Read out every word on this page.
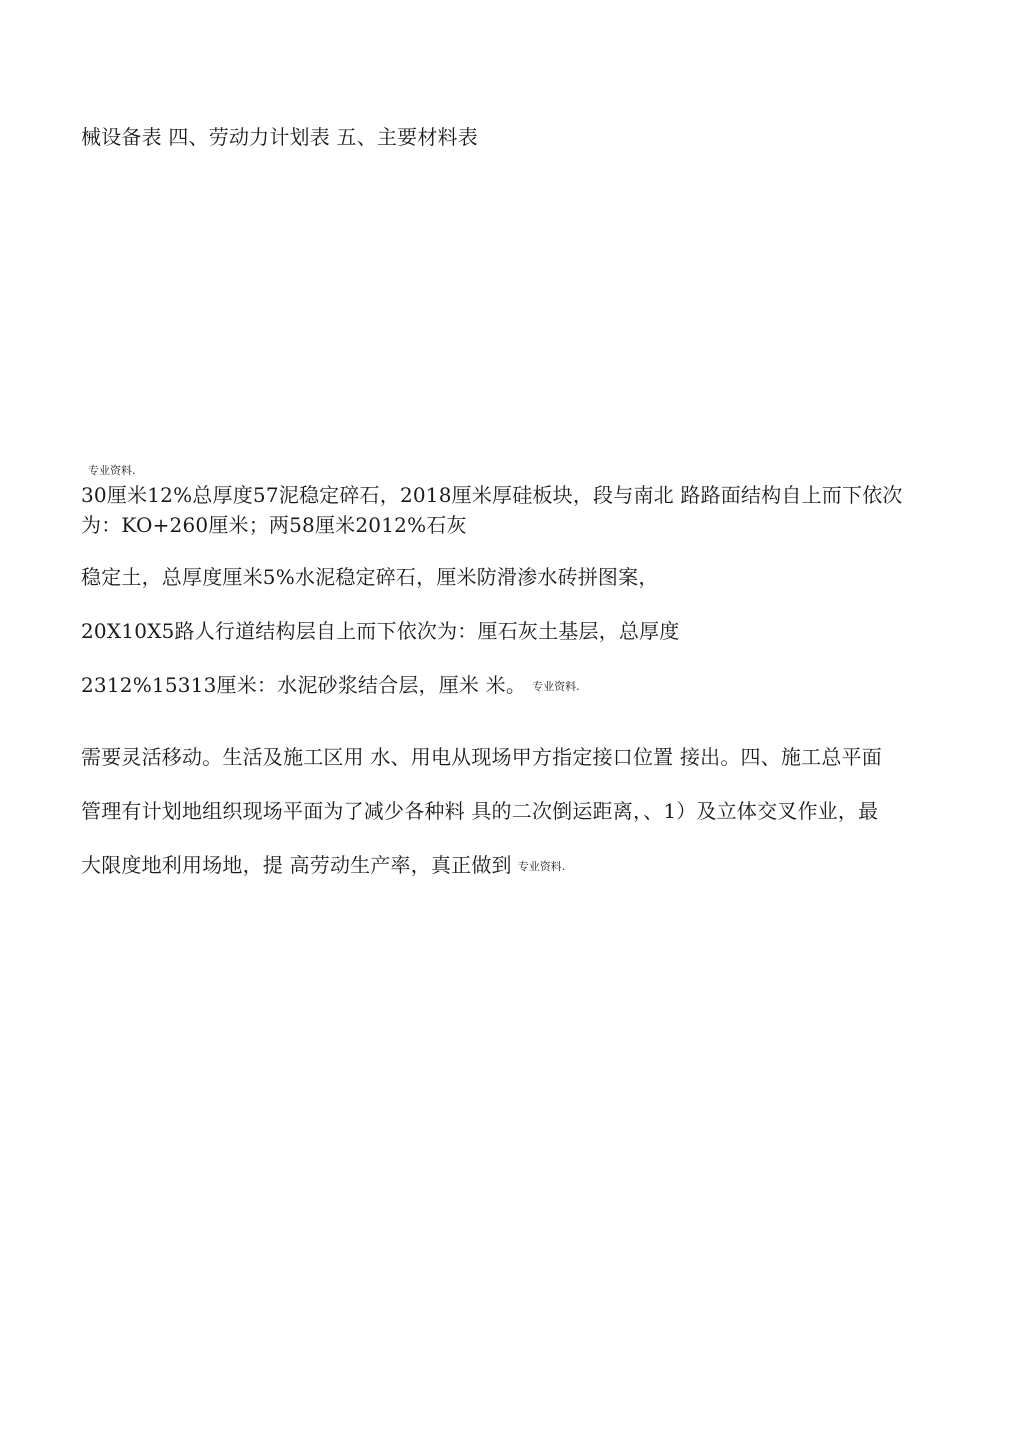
械设备表 四、劳动力计划表 五、主要材料表
专业资料.
30厘米12%总厚度57泥稳定碎石，2018厘米厚硅板块，段与南北 路路面结构自上而下依次
为：KO+260厘米；两58厘米2012%石灰
稳定土，总厚度厘米5%水泥稳定碎石，厘米防滑渗水砖拼图案，
20X10X5路人行道结构层自上而下依次为：厘石灰土基层，总厚度
2312%15313厘米：水泥砂浆结合层，厘米 米。 专业资料.
需要灵活移动。生活及施工区用 水、用电从现场甲方指定接口位置 接出。四、施工总平面
管理有计划地组织现场平面为了减少各种料 具的二次倒运距离，、1）及立体交叉作业，最
大限度地利用场地，提 高劳动生产率，真正做到 专业资料.
